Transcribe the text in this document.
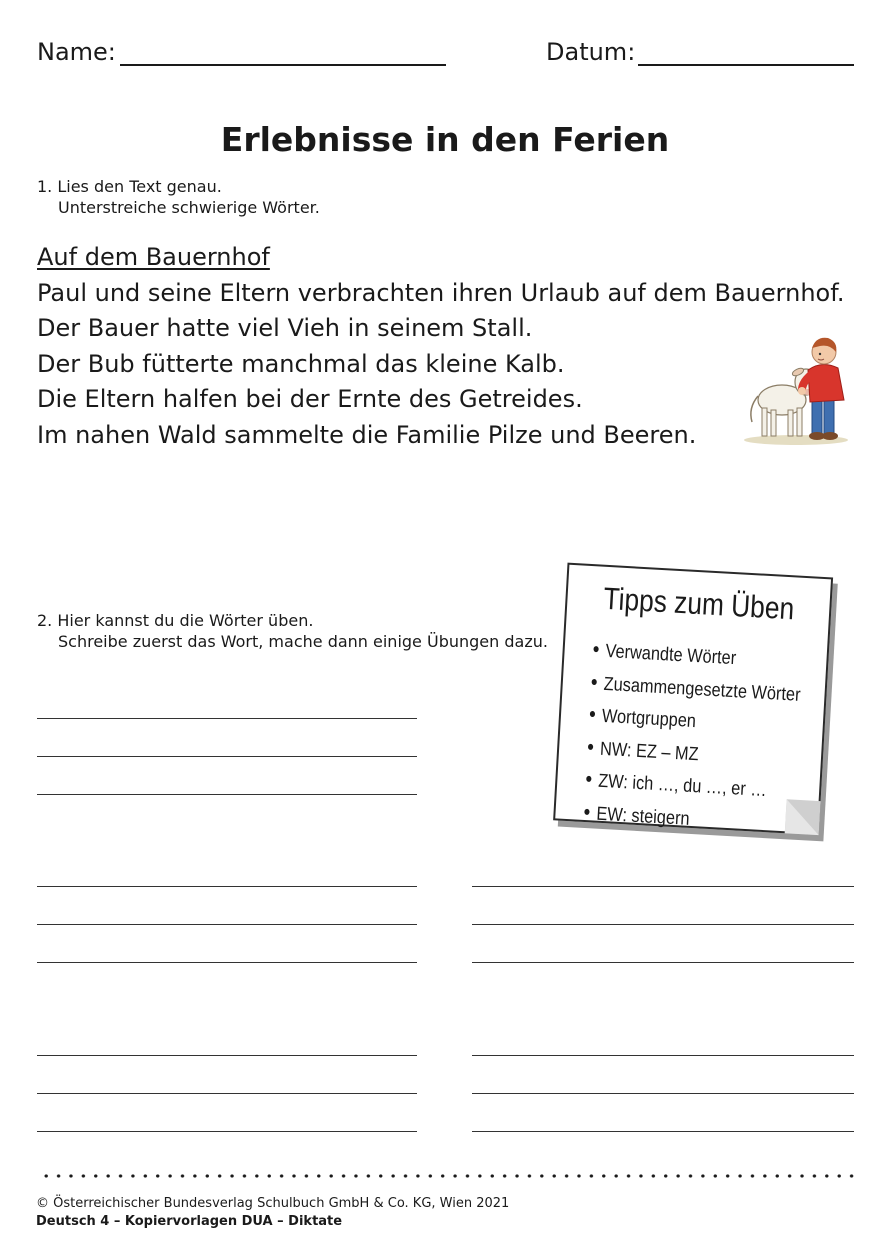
Name:	Datum:
Erlebnisse in den Ferien
1. Lies den Text genau.
Unterstreiche schwierige Wörter.
Auf dem Bauernhof
Paul und seine Eltern verbrachten ihren Urlaub auf dem Bauernhof.
Der Bauer hatte viel Vieh in seinem Stall.
Der Bub fütterte manchmal das kleine Kalb.
Die Eltern halfen bei der Ernte des Getreides.
Im nahen Wald sammelte die Familie Pilze und Beeren.
2. Hier kannst du die Wörter üben.
Schreibe zuerst das Wort, mache dann einige Übungen dazu.
Tipps zum Üben
• Verwandte Wörter
• Zusammengesetzte Wörter
• Wortgruppen
• NW: EZ – MZ
• ZW: ich …, du …, er …
• EW: steigern
© Österreichischer Bundesverlag Schulbuch GmbH & Co. KG, Wien 2021
Deutsch 4 – Kopiervorlagen DUA – Diktate
